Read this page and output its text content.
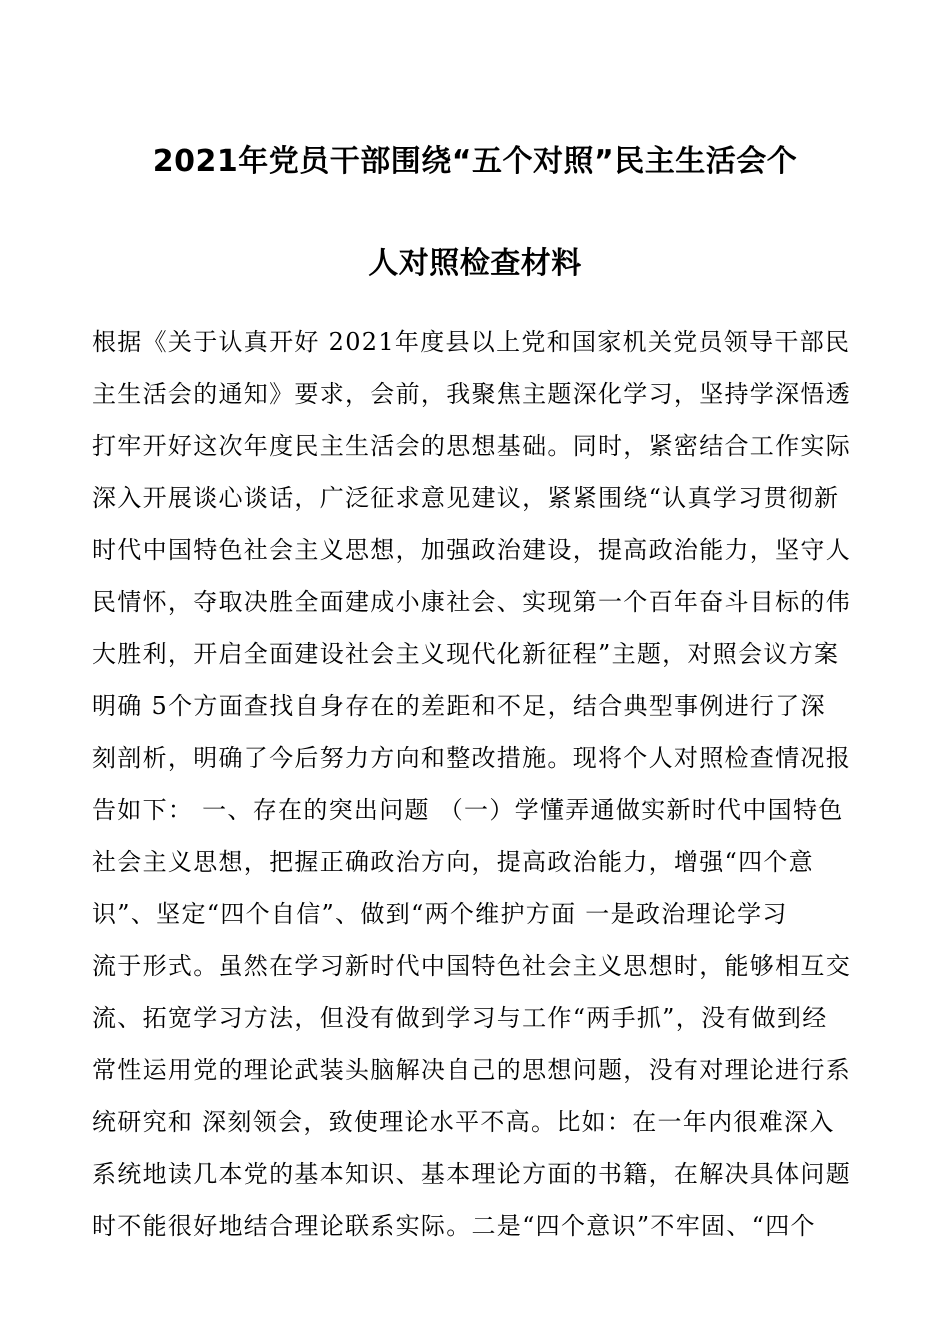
2021年党员干部围绕“五个对照”民主生活会个
人对照检查材料
根据《关于认真开好 2021年度县以上党和国家机关党员领导干部民
主生活会的通知》要求，会前，我聚焦主题深化学习，坚持学深悟透
打牢开好这次年度民主生活会的思想基础。同时，紧密结合工作实际
深入开展谈心谈话，广泛征求意见建议，紧紧围绕“认真学习贯彻新
时代中国特色社会主义思想，加强政治建设，提高政治能力，坚守人
民情怀，夺取决胜全面建成小康社会、实现第一个百年奋斗目标的伟
大胜利，开启全面建设社会主义现代化新征程”主题，对照会议方案
明确 5个方面查找自身存在的差距和不足，结合典型事例进行了深
刻剖析，明确了今后努力方向和整改措施。现将个人对照检查情况报
告如下： 一、存在的突出问题 （一）学懂弄通做实新时代中国特色
社会主义思想，把握正确政治方向，提高政治能力，增强“四个意
识”、坚定“四个自信”、做到“两个维护方面 一是政治理论学习
流于形式。虽然在学习新时代中国特色社会主义思想时，能够相互交
流、拓宽学习方法，但没有做到学习与工作“两手抓”，没有做到经
常性运用党的理论武装头脑解决自己的思想问题，没有对理论进行系
统研究和 深刻领会，致使理论水平不高。比如：在一年内很难深入
系统地读几本党的基本知识、基本理论方面的书籍，在解决具体问题
时不能很好地结合理论联系实际。二是“四个意识”不牢固、“四个
